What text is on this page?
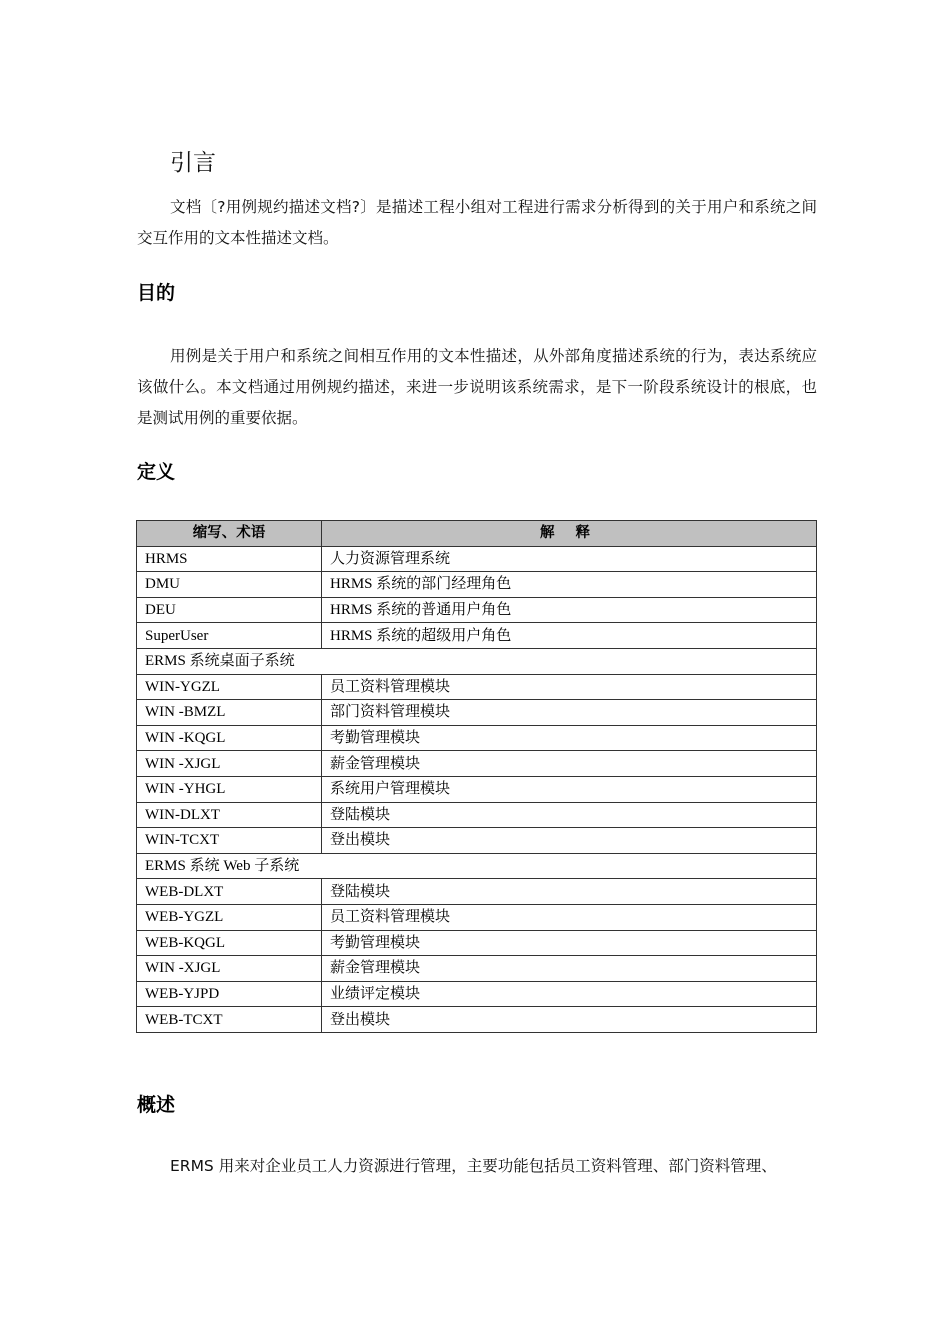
引言

文档〔?用例规约描述文档?〕是描述工程小组对工程进行需求分析得到的关于用户和系统之间交互作用的文本性描述文档。

目的

用例是关于用户和系统之间相互作用的文本性描述，从外部角度描述系统的行为，表达系统应该做什么。本文档通过用例规约描述，来进一步说明该系统需求，是下一阶段系统设计的根底，也是测试用例的重要依据。

定义
缩写、术语	解 释
HRMS	人力资源管理系统
DMU	HRMS 系统的部门经理角色
DEU	HRMS 系统的普通用户角色
SuperUser	HRMS 系统的超级用户角色
ERMS 系统桌面子系统	
WIN-YGZL	员工资料管理模块
WIN -BMZL	部门资料管理模块
WIN -KQGL	考勤管理模块
WIN -XJGL	薪金管理模块
WIN -YHGL	系统用户管理模块
WIN-DLXT	登陆模块
WIN-TCXT	登出模块
ERMS 系统 Web 子系统	
WEB-DLXT	登陆模块
WEB-YGZL	员工资料管理模块
WEB-KQGL	考勤管理模块
WIN -XJGL	薪金管理模块
WEB-YJPD	业绩评定模块
WEB-TCXT	登出模块
概述

ERMS 用来对企业员工人力资源进行管理，主要功能包括员工资料管理、部门资料管理、
